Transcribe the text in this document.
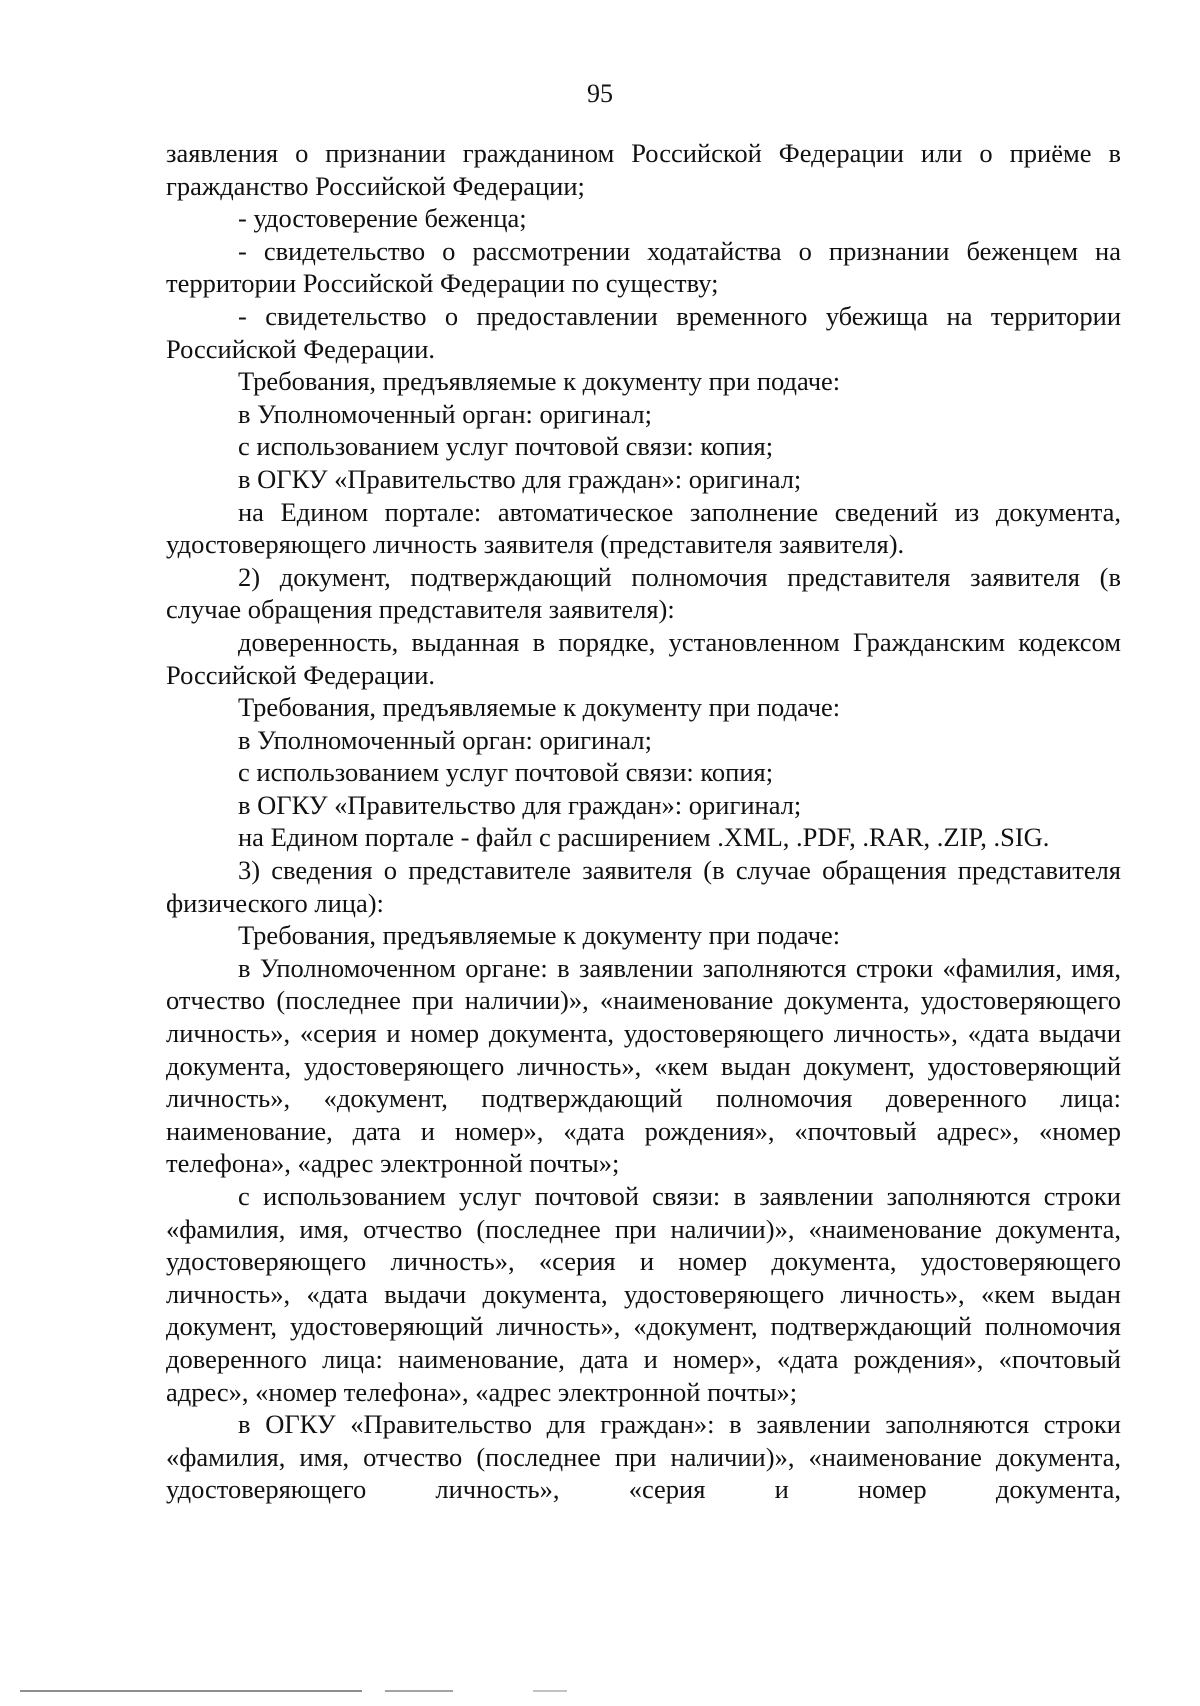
95

заявления о признании гражданином Российской Федерации или о приёме в гражданство Российской Федерации;

- удостоверение беженца;

- свидетельство о рассмотрении ходатайства о признании беженцем на территории Российской Федерации по существу;

- свидетельство о предоставлении временного убежища на территории Российской Федерации.

Требования, предъявляемые к документу при подаче:

в Уполномоченный орган: оригинал;

с использованием услуг почтовой связи: копия;

в ОГКУ «Правительство для граждан»: оригинал;

на Едином портале: автоматическое заполнение сведений из документа, удостоверяющего личность заявителя (представителя заявителя).

2) документ, подтверждающий полномочия представителя заявителя (в случае обращения представителя заявителя):

доверенность, выданная в порядке, установленном Гражданским кодексом Российской Федерации.

Требования, предъявляемые к документу при подаче:

в Уполномоченный орган: оригинал;

с использованием услуг почтовой связи: копия;

в ОГКУ «Правительство для граждан»: оригинал;

на Едином портале - файл с расширением .XML, .PDF, .RAR, .ZIP, .SIG.

3) сведения о представителе заявителя (в случае обращения представителя физического лица):

Требования, предъявляемые к документу при подаче:

в Уполномоченном органе: в заявлении заполняются строки «фамилия, имя, отчество (последнее при наличии)», «наименование документа, удостоверяющего личность», «серия и номер документа, удостоверяющего личность», «дата выдачи документа, удостоверяющего личность», «кем выдан документ, удостоверяющий личность», «документ, подтверждающий полномочия доверенного лица: наименование, дата и номер», «дата рождения», «почтовый адрес», «номер телефона», «адрес электронной почты»;

с использованием услуг почтовой связи: в заявлении заполняются строки «фамилия, имя, отчество (последнее при наличии)», «наименование документа, удостоверяющего личность», «серия и номер документа, удостоверяющего личность», «дата выдачи документа, удостоверяющего личность», «кем выдан документ, удостоверяющий личность», «документ, подтверждающий полномочия доверенного лица: наименование, дата и номер», «дата рождения», «почтовый адрес», «номер телефона», «адрес электронной почты»;

в ОГКУ «Правительство для граждан»: в заявлении заполняются строки «фамилия, имя, отчество (последнее при наличии)», «наименование документа, удостоверяющего личность», «серия и номер документа,
